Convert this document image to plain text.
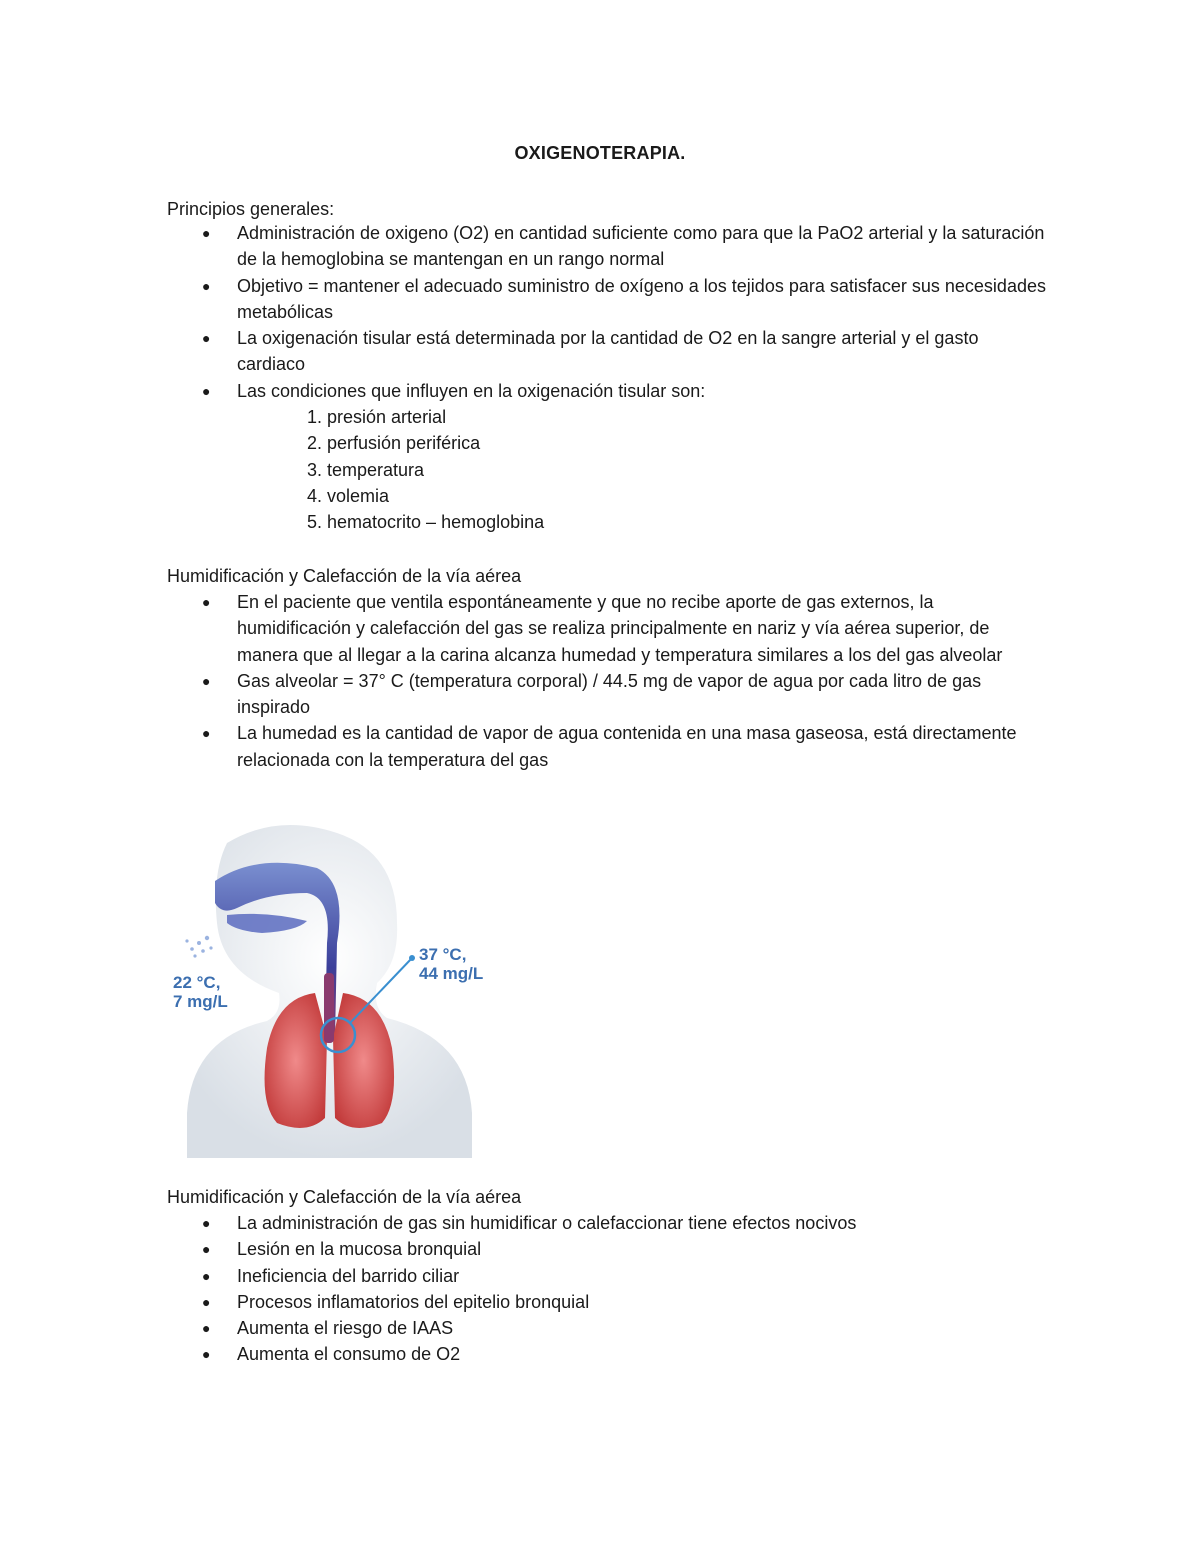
OXIGENOTERAPIA.
Principios generales:
● Administración de oxigeno (O2) en cantidad suficiente como para que la PaO2 arterial y la saturación de la hemoglobina se mantengan en un rango normal
● Objetivo = mantener el adecuado suministro de oxígeno a los tejidos para satisfacer sus necesidades metabólicas
● La oxigenación tisular está determinada por la cantidad de O2 en la sangre arterial y el gasto cardiaco
● Las condiciones que influyen en la oxigenación tisular son:
1. presión arterial
2. perfusión periférica
3. temperatura
4. volemia
5. hematocrito – hemoglobina
Humidificación y Calefacción de la vía aérea
● En el paciente que ventila espontáneamente y que no recibe aporte de gas externos, la humidificación y calefacción del gas se realiza principalmente en nariz y vía aérea superior, de manera que al llegar a la carina alcanza humedad y temperatura similares a los del gas alveolar
● Gas alveolar = 37° C (temperatura corporal) / 44.5 mg de vapor de agua por cada litro de gas inspirado
● La humedad es la cantidad de vapor de agua contenida en una masa gaseosa, está directamente relacionada con la temperatura del gas
37 °C,
44 mg/L
22 °C,
7 mg/L
Humidificación y Calefacción de la vía aérea
● La administración de gas sin humidificar o calefaccionar tiene efectos nocivos
● Lesión en la mucosa bronquial
● Ineficiencia del barrido ciliar
● Procesos inflamatorios del epitelio bronquial
● Aumenta el riesgo de IAAS
● Aumenta el consumo de O2
